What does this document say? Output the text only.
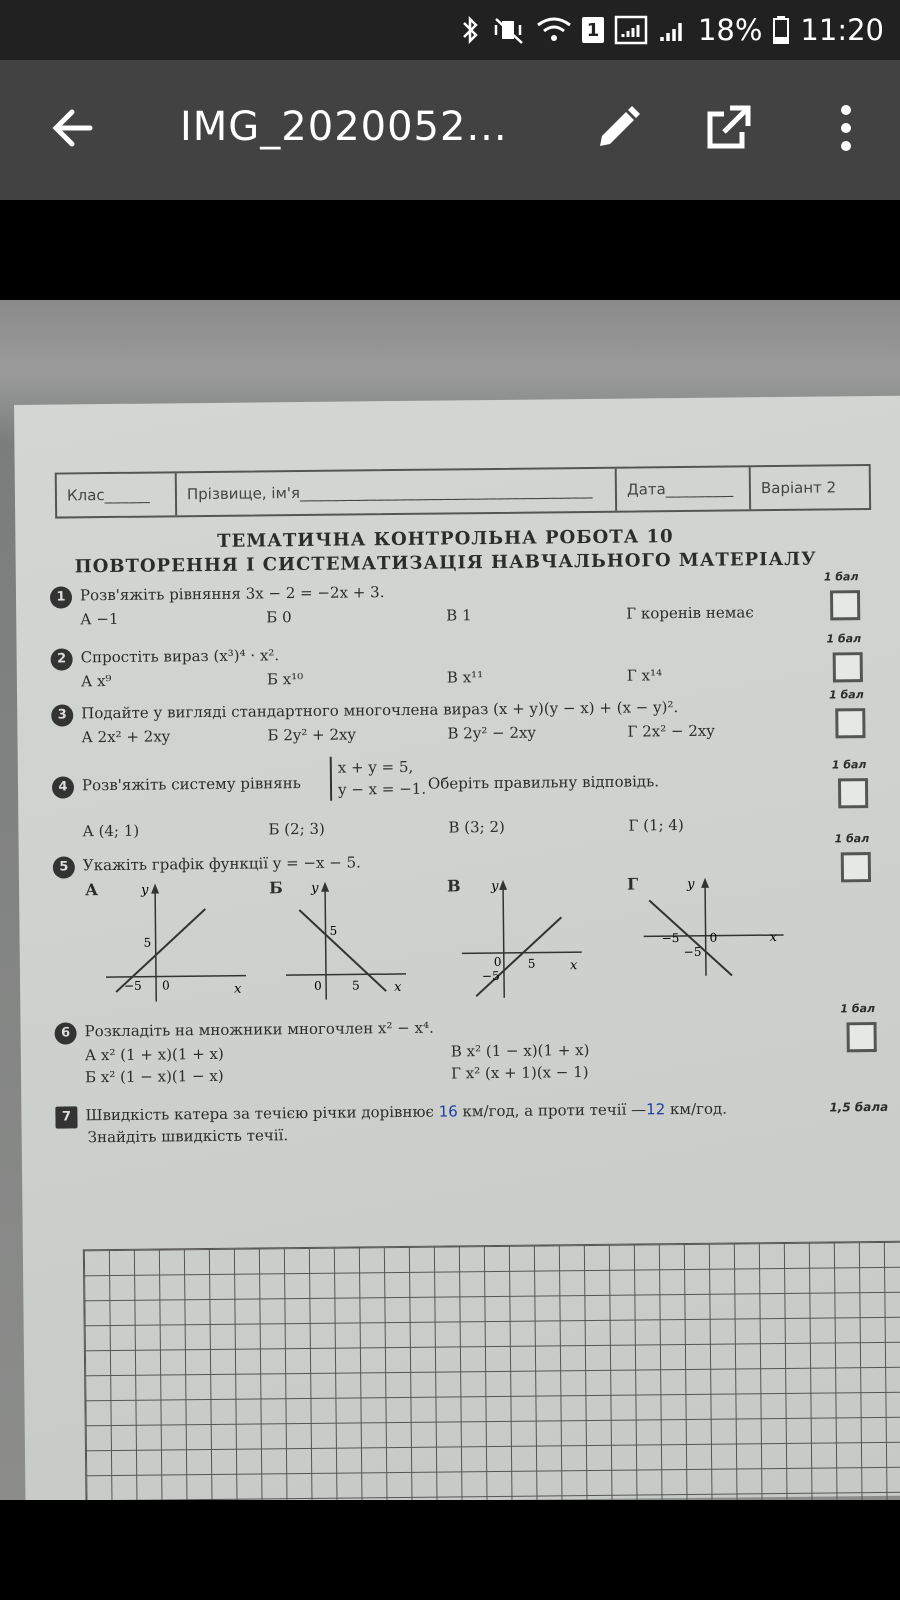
1	18% 11:20
IMG_2020052...
Клас______	Прізвище, ім'я_______________________________________	Дата_________	Варіант 2
ТЕМАТИЧНА КОНТРОЛЬНА РОБОТА 10
ПОВТОРЕННЯ І СИСТЕМАТИЗАЦІЯ НАВЧАЛЬНОГО МАТЕРІАЛУ
1 Розв'яжіть рівняння 3x − 2 = −2x + 3.
А −1	Б 0	В 1	Г коренів немає
1 бал
2 Спростіть вираз (x³)⁴ · x².
А x⁹	Б x¹⁰	В x¹¹	Г x¹⁴
1 бал
3 Подайте у вигляді стандартного многочлена вираз (x + y)(y − x) + (x − y)².
А 2x² + 2xy	Б 2y² + 2xy	В 2y² − 2xy	Г 2x² − 2xy
1 бал
4 Розв'яжіть систему рівнянь
x + y = 5,
y − x = −1. Оберіть правильну відповідь.
А (4; 1)	Б (2; 3)	В (3; 2)	Г (1; 4)
1 бал
5 Укажіть графік функції y = −x − 5.
1 бал
А	y
x
5
−5 0
Б y
x
5
0	5
В y
x
0 5
−5
Г	y
x
−5	0
−5
6 Розкладіть на множники многочлен x² − x⁴.
А x² (1 + x)(1 + x)
Б x² (1 − x)(1 − x)
В x² (1 − x)(1 + x)
Г x² (x + 1)(x − 1)
1 бал
7 Швидкість катера за течією річки дорівнює 16 км/год, а проти течії —12 км/год.
Знайдіть швидкість течії.
1,5 бала
